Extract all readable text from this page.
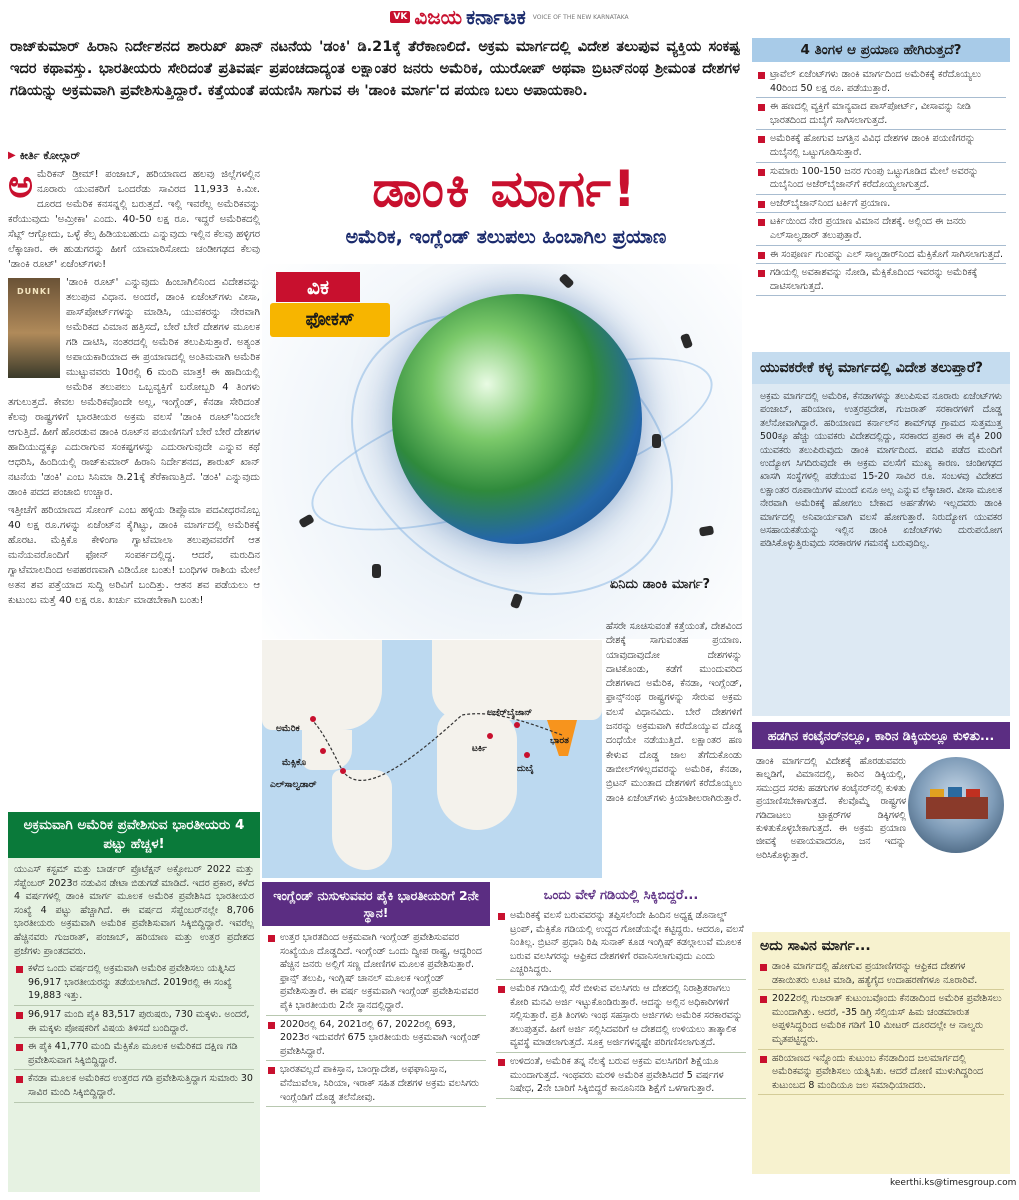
VK ವಿಜಯ ಕರ್ನಾಟಕ VOICE OF THE NEW KARNATAKA
ರಾಜ್‌ಕುಮಾರ್ ಹಿರಾನಿ ನಿರ್ದೇಶನದ ಶಾರುಖ್ ಖಾನ್ ನಟನೆಯ 'ಡಂಕಿ' ಡಿ.21ಕ್ಕೆ ತೆರೆಕಾಣಲಿದೆ. ಅಕ್ರಮ ಮಾರ್ಗದಲ್ಲಿ ವಿದೇಶ ತಲುಪುವ ವ್ಯಕ್ತಿಯ ಸಂಕಷ್ಟ ಇದರ ಕಥಾವಸ್ತು. ಭಾರತೀಯರು ಸೇರಿದಂತೆ ಪ್ರತಿವರ್ಷ ಪ್ರಪಂಚದಾದ್ಯಂತ ಲಕ್ಷಾಂತರ ಜನರು ಅಮೆರಿಕ, ಯುರೋಪ್ ಅಥವಾ ಬ್ರಿಟನ್‌ನಂಥ ಶ್ರೀಮಂತ ದೇಶಗಳ ಗಡಿಯನ್ನು ಅಕ್ರಮವಾಗಿ ಪ್ರವೇಶಿಸುತ್ತಿದ್ದಾರೆ. ಕತ್ತೆಯಂತೆ ಪಯಣಿಸಿ ಸಾಗುವ ಈ 'ಡಾಂಕಿ ಮಾರ್ಗ'ದ ಪಯಣ ಬಲು ಅಪಾಯಕಾರಿ.
▶ ಕೀರ್ತಿ ಕೋಲ್ಗಾರ್

ಅ ಮೆರಿಕನ್ ಡ್ರೀಮ್! ಪಂಜಾಬ್, ಹರಿಯಾಣದ ಹಲವು ಜಿಲ್ಲೆಗಳಲ್ಲಿನ ನೂರಾರು ಯುವಕರಿಗೆ ಒಂದರೆಡು ಸಾವಿರದ 11,933 ಕಿ.ಮೀ. ದೂರದ ಅಮೆರಿಕ ಕನಸನ್ನಲ್ಲಿ ಬರುತ್ತದೆ. ಇಲ್ಲಿ ಇವರೆಲ್ಲ ಅಮೆರಿಕವನ್ನು ಕರೆಯುವುದು 'ಅಮ್ರೀಕಾ' ಎಂದು. 40-50 ಲಕ್ಷ ರೂ. ಇದ್ದರೆ ಅಮೆರಿಕದಲ್ಲಿ ಸೆಟ್ಲ್ ಆಗ್ಬೋದು, ಒಳ್ಳೆ ಕೆಲ್ಸ ಹಿಡಿಯಬಹುದು ಎನ್ನುವುದು ಇಲ್ಲಿನ ಕೆಲವು ಹಳ್ಳಿಗರ ಲೆಕ್ಕಾಚಾರ. ಈ ಹುಡುಗರನ್ನು ಹೀಗೆ ಯಾಮಾರಿಸೋದು ಚಂಡೀಗಢದ ಕೆಲವು 'ಡಾಂಕಿ ರೂಟ್' ಏಜೆಂಟ್‌ಗಳು!

DUNKI
'ಡಾಂಕಿ ರೂಟ್' ಎನ್ನುವುದು ಹಿಂಬಾಗಿಲಿನಿಂದ ವಿದೇಶವನ್ನು ತಲುಪುವ ವಿಧಾನ. ಅಂದರೆ, ಡಾಂಕಿ ಏಜೆಂಟ್‌ಗಳು ವೀಸಾ, ಪಾಸ್‌ಪೋರ್ಟ್‌ಗಳನ್ನು ಮಾಡಿಸಿ, ಯುವಕರನ್ನು ನೇರವಾಗಿ ಅಮೆರಿಕದ ವಿಮಾನ ಹತ್ತಿಸದೆ, ಬೇರೆ ಬೇರೆ ದೇಶಗಳ ಮೂಲಕ ಗಡಿ ದಾಟಿಸಿ, ನಂತರದಲ್ಲಿ ಅಮೆರಿಕ ತಲುಪಿಸುತ್ತಾರೆ. ಅತ್ಯಂತ ಅಪಾಯಕಾರಿಯಾದ ಈ ಪ್ರಯಾಣದಲ್ಲಿ ಅಂತಿಮವಾಗಿ ಅಮೆರಿಕ ಮುಟ್ಟುವವರು 10ರಲ್ಲಿ 6 ಮಂದಿ ಮಾತ್ರ! ಈ ಹಾದಿಯಲ್ಲಿ ಅಮೆರಿಕ ತಲುಪಲು ಒಬ್ಬವ್ಯಕ್ತಿಗೆ ಬರೋಬ್ಬರಿ 4 ತಿಂಗಳು ತಗುಲುತ್ತದೆ. ಕೇವಲ ಅಮೆರಿಕವೊಂದೇ ಅಲ್ಲ, ಇಂಗ್ಲೆಂಡ್, ಕೆನಡಾ ಸೇರಿದಂತೆ ಕೆಲವು ರಾಷ್ಟ್ರಗಳಿಗೆ ಭಾರತೀಯರ ಅಕ್ರಮ ವಲಸೆ 'ಡಾಂಕಿ ರೂಟ್'ನಿಂದಲೇ ಆಗುತ್ತಿದೆ. ಹೀಗೆ ಹೊರಡುವ ಡಾಂಕಿ ರೂಟ್‌ನ ಪಯಣಿಗನಿಗೆ ಬೇರೆ ಬೇರೆ ದೇಶಗಳ ಹಾದಿಯುದ್ದಕ್ಕೂ ಎದುರಾಗುವ ಸಂಕಷ್ಟಗಳನ್ನು ಎದುರಾಗುವುದೇ ಎನ್ನುವ ಕಥೆ ಆಧರಿಸಿ, ಹಿಂದಿಯಲ್ಲಿ ರಾಜ್‌ಕುಮಾರ್ ಹಿರಾನಿ ನಿರ್ದೇಶನದ, ಶಾರುಖ್ ಖಾನ್ ನಟನೆಯ 'ಡಂಕಿ' ಎಂಬ ಸಿನಿಮಾ ಡಿ.21ಕ್ಕೆ ತೆರೆಕಾಣುತ್ತಿದೆ. 'ಡಂಕಿ' ಎನ್ನುವುದು ಡಾಂಕಿ ಪದದ ಪಂಜಾಬಿ ಉಚ್ಚಾರ.

ಇತ್ತೀಚೆಗೆ ಹರಿಯಾಣದ ಸೋಂಗ್ ಎಂಬ ಹಳ್ಳಿಯ ಡಿಪ್ಲೊಮಾ ಪದವೀಧರನೊಬ್ಬ 40 ಲಕ್ಷ ರೂ.ಗಳನ್ನು ಏಜೆಂಟ್‌ನ ಕೈಗಿಟ್ಟು, ಡಾಂಕಿ ಮಾರ್ಗದಲ್ಲಿ ಅಮೆರಿಕಕ್ಕೆ ಹೊರಟ. ಮೆಕ್ಸಿಕೊ ಕೇಳಿಂಗಾ ಗ್ವಾಟೆಮಾಲಾ ತಲುಪುವವರೆಗೆ ಆತ ಮನೆಯವರೊಂದಿಗೆ ಫೋನ್ ಸಂಪರ್ಕದಲ್ಲಿದ್ದ. ಆದರೆ, ಮರುದಿನ ಗ್ವಾಟೆಮಾಲದಿಂದ ಅಪಹರಣವಾಗಿ ವಿಡಿಯೋ ಬಂತು! ಬಂಧಿಗಳ ರಾಶಿಯ ಮೇಲೆ ಅತನ ಶವ ಪತ್ತೆಯಾದ ಸುದ್ದಿ ಅರಿವಿಗೆ ಬಂದಿತ್ತು. ಆತನ ಶವ ಪಡೆಯಲು ಆ ಕುಟುಂಬ ಮತ್ತೆ 40 ಲಕ್ಷ ರೂ. ಖರ್ಚು ಮಾಡಬೇಕಾಗಿ ಬಂತು!

ಅಕ್ರಮವಾಗಿ ಅಮೆರಿಕ ಪ್ರವೇಶಿಸುವ ಭಾರತೀಯರು 4 ಪಟ್ಟು ಹೆಚ್ಚಳ!

ಯುಎಸ್ ಕಸ್ಟಮ್ ಮತ್ತು ಬಾರ್ಡರ್ ಪ್ರೊಟೆಕ್ಷನ್ ಅಕ್ಟೋಬರ್ 2022 ಮತ್ತು ಸೆಪ್ಟೆಂಬರ್ 2023ರ ನಡುವಿನ ಡೇಟಾ ಬಿಡುಗಡೆ ಮಾಡಿದೆ. ಇದರ ಪ್ರಕಾರ, ಕಳೆದ 4 ವರ್ಷಗಳಲ್ಲಿ ಡಾಂಕಿ ಮಾರ್ಗ ಮೂಲಕ ಅಮೆರಿಕ ಪ್ರವೇಶಿಸಿದ ಭಾರತೀಯರ ಸಂಖ್ಯೆ 4 ಪಟ್ಟು ಹೆಚ್ಚಾಗಿದೆ. ಈ ವರ್ಷದ ಸೆಪ್ಟೆಂಬರ್‌ನಲ್ಲೇ 8,706 ಭಾರತೀಯರು ಅಕ್ರಮವಾಗಿ ಅಮೆರಿಕ ಪ್ರವೇಶಿಸುವಾಗ ಸಿಕ್ಕಿಬಿದ್ದಿದ್ದಾರೆ. ಇವರೆಲ್ಲ ಹೆಚ್ಚಿನವರು ಗುಜರಾತ್, ಪಂಜಾಬ್, ಹರಿಯಾಣ ಮತ್ತು ಉತ್ತರ ಪ್ರದೇಶದ ಪ್ರಜೆಗಳು ಪ್ರಾಂತದವರು.

ಕಳೆದ ಒಂದು ವರ್ಷದಲ್ಲಿ ಅಕ್ರಮವಾಗಿ ಅಮೆರಿಕ ಪ್ರವೇಶಿಸಲು ಯತ್ನಿಸಿದ 96,917 ಭಾರತೀಯರನ್ನು ತಡೆಯಲಾಗಿದೆ. 2019ರಲ್ಲಿ ಈ ಸಂಖ್ಯೆ 19,883 ಇತ್ತು.
96,917 ಮಂದಿ ಪೈಕಿ 83,517 ಪುರುಷರು, 730 ಮಕ್ಕಳು. ಅಂದರೆ, ಈ ಮಕ್ಕಳು ಪೋಷಕರಿಗೆ ವಿಷಯ ತಿಳಿಸದೆ ಬಂದಿದ್ದಾರೆ.
ಈ ಪೈಕಿ 41,770 ಮಂದಿ ಮೆಕ್ಸಿಕೊ ಮೂಲಕ ಅಮೆರಿಕದ ದಕ್ಷಿಣ ಗಡಿ ಪ್ರವೇಶಿಸುವಾಗ ಸಿಕ್ಕಿಬಿದ್ದಿದ್ದಾರೆ.
ಕೆನಡಾ ಮೂಲಕ ಅಮೆರಿಕದ ಉತ್ತರದ ಗಡಿ ಪ್ರವೇಶಿಸುತ್ತಿದ್ದಾಗ ಸುಮಾರು 30 ಸಾವಿರ ಮಂದಿ ಸಿಕ್ಕಿಬಿದ್ದಿದ್ದಾರೆ.
ಡಾಂಕಿ ಮಾರ್ಗ!
ಅಮೆರಿಕ, ಇಂಗ್ಲೆಂಡ್ ತಲುಪಲು ಹಿಂಬಾಗಿಲ ಪ್ರಯಾಣ
ವಿಕ
ಫೋಕಸ್
ಏನಿದು ಡಾಂಕಿ ಮಾರ್ಗ?
ಅಮೆರಿಕ
ಮೆಕ್ಸಿಕೊ
ಎಲ್‌ಸಾಲ್ವಡಾರ್
ಅಜೆರ್‌ಬೈಜಾನ್
ಟರ್ಕಿ
ದುಬೈ
ಭಾರತ
ಹೆಸರೇ ಸೂಚಿಸುವಂತೆ ಕತ್ತೆಯಂತೆ, ದೇಶವಿಂದ ದೇಶಕ್ಕೆ ಸಾಗುವಂತಹ ಪ್ರಯಾಣ. ಯಾವುದಾವುದೋ ದೇಶಗಳನ್ನು ದಾಟಿಕೊಂಡು, ಕಡೆಗೆ ಮುಂದುವರಿದ ದೇಶಗಳಾದ ಅಮೆರಿಕ, ಕೆನಡಾ, ಇಂಗ್ಲೆಂಡ್, ಫ್ರಾನ್ಸ್‌ನಂಥ ರಾಷ್ಟ್ರಗಳನ್ನು ಸೇರುವ ಅಕ್ರಮ ವಲಸೆ ವಿಧಾನವಿದು. ಬೇರೆ ದೇಶಗಳಿಗೆ ಜನರನ್ನು ಅಕ್ರಮವಾಗಿ ಕರೆದೊಯ್ಯುವ ದೊಡ್ಡ ದಂಧೆಯೇ ನಡೆಯುತ್ತಿದೆ. ಲಕ್ಷಾಂತರ ಹಣ ಕೇಳುವ ದೊಡ್ಡ ಜಾಲ ತೆಗೆದುಕೊಂಡು ಡಾಬೀಲ್‌ಗಳಿಲ್ಲದವರನ್ನು ಅಮೆರಿಕ, ಕೆನಡಾ, ಬ್ರಿಟನ್ ಮುಂತಾದ ದೇಶಗಳಿಗೆ ಕರೆದೊಯ್ಯಲು ಡಾಂಕಿ ಏಜೆಂಟ್‌ಗಳು ಕ್ರಿಯಾಶೀಲರಾಗಿರುತ್ತಾರೆ.
ಇಂಗ್ಲೆಂಡ್ ನುಸುಳುವವರ ಪೈಕಿ ಭಾರತೀಯರಿಗೆ 2ನೇ ಸ್ಥಾನ!
ಉತ್ತರ ಭಾರತದಿಂದ ಅಕ್ರಮವಾಗಿ ಇಂಗ್ಲೆಂಡ್ ಪ್ರವೇಶಿಸುವವರ ಸಂಖ್ಯೆಯೂ ದೊಡ್ಡದಿದೆ. ಇಂಗ್ಲೆಂಡ್ ಒಂದು ದ್ವೀಪ ರಾಷ್ಟ್ರ, ಆದ್ದರಿಂದ ಹೆಚ್ಚಿನ ಜನರು ಅಲ್ಲಿಗೆ ಸಣ್ಣ ದೋಣಿಗಳ ಮೂಲಕ ಪ್ರವೇಶಿಸುತ್ತಾರೆ. ಫ್ರಾನ್ಸ್ ತಲುಪಿ, ಇಂಗ್ಲಿಷ್ ಚಾನಲ್ ಮೂಲಕ ಇಂಗ್ಲೆಂಡ್ ಪ್ರವೇಶಿಸುತ್ತಾರೆ. ಈ ವರ್ಷ ಅಕ್ರಮವಾಗಿ ಇಂಗ್ಲೆಂಡ್ ಪ್ರವೇಶಿಸುವವರ ಪೈಕಿ ಭಾರತೀಯರು 2ನೇ ಸ್ಥಾನದಲ್ಲಿದ್ದಾರೆ.
2020ರಲ್ಲಿ 64, 2021ರಲ್ಲಿ 67, 2022ರಲ್ಲಿ 693, 2023ರ ಇದುವರೆಗೆ 675 ಭಾರತೀಯರು ಅಕ್ರಮವಾಗಿ ಇಂಗ್ಲೆಂಡ್ ಪ್ರವೇಶಿಸಿದ್ದಾರೆ.
ಭಾರತವಲ್ಲದೆ ಪಾಕಿಸ್ತಾನ, ಬಾಂಗ್ಲಾದೇಶ, ಅಫಘಾನಿಸ್ತಾನ, ವೆನೆಜುವೆಲಾ, ಸಿರಿಯಾ, ಇರಾಕ್ ಸಹಿತ ದೇಶಗಳ ಅಕ್ರಮ ವಲಸಿಗರು ಇಂಗ್ಲೆಂಡಿಗೆ ದೊಡ್ಡ ತಲೆನೋವು.
ಒಂದು ವೇಳೆ ಗಡಿಯಲ್ಲಿ ಸಿಕ್ಕಿಬಿದ್ದರೆ...
ಅಮೆರಿಕಕ್ಕೆ ವಲಸೆ ಬರುವವರನ್ನು ತಪ್ಪಿಸಲೆಂದೇ ಹಿಂದಿನ ಅಧ್ಯಕ್ಷ ಡೊನಾಲ್ಡ್ ಟ್ರಂಪ್, ಮೆಕ್ಸಿಕೊ ಗಡಿಯಲ್ಲಿ ಉದ್ದದ ಗೋಡೆಯನ್ನೇ ಕಟ್ಟಿದ್ದರು. ಆದರೂ, ವಲಸೆ ನಿಂತಿಲ್ಲ. ಬ್ರಿಟನ್ ಪ್ರಧಾನಿ ರಿಷಿ ಸುನಾಕ್ ಕೂಡ ಇಂಗ್ಲಿಷ್ ಕಡಲ್ಗಾಲುವೆ ಮೂಲಕ ಬರುವ ವಲಸಿಗರನ್ನು ಆಫ್ರಿಕದ ದೇಶಗಳಿಗೆ ರವಾನಿಸಲಾಗುವುದು ಎಂದು ಎಚ್ಚರಿಸಿದ್ದರು.
ಅಮೆರಿಕ ಗಡಿಯಲ್ಲಿ ಸೆರೆ ಬೀಳುವ ವಲಸಿಗರು ಆ ದೇಶದಲ್ಲಿ ನಿರಾಶ್ರಿತರಾಗಲು ಕೋರಿ ಮನವಿ ಅರ್ಜಿ ಇಟ್ಟುಕೊಂಡಿರುತ್ತಾರೆ. ಆದನ್ನು ಅಲ್ಲಿನ ಅಧಿಕಾರಿಗಳಿಗೆ ಸಲ್ಲಿಸುತ್ತಾರೆ. ಪ್ರತಿ ತಿಂಗಳು ಇಂಥ ಸಹಸ್ರಾರು ಅರ್ಜಿಗಳು ಅಮೆರಿಕ ಸರಕಾರವನ್ನು ತಲುಪುತ್ತವೆ. ಹೀಗೆ ಅರ್ಜಿ ಸಲ್ಲಿಸಿದವರಿಗೆ ಆ ದೇಶದಲ್ಲಿ ಉಳಿಯಲು ತಾತ್ಕಾಲಿಕ ವ್ಯವಸ್ಥೆ ಮಾಡಲಾಗುತ್ತದೆ. ಸೂಕ್ತ ಅರ್ಜಿಗಳನ್ನಷ್ಟೇ ಪರಿಗಣಿಸಲಾಗುತ್ತದೆ.
ಉಳಿದಂತೆ, ಅಮೆರಿಕ ತನ್ನ ನೆಲಕ್ಕೆ ಬರುವ ಅಕ್ರಮ ವಲಸಿಗರಿಗೆ ಶಿಕ್ಷೆಯೂ ಮುಂದಾಗುತ್ತದೆ. ಇಂಥವರು ಮರಳಿ ಅಮೆರಿಕ ಪ್ರವೇಶಿಸಿದರೆ 5 ವರ್ಷಗಳ ನಿಷೇಧ, 2ನೇ ಬಾರಿಗೆ ಸಿಕ್ಕಿಬಿದ್ದರೆ ಕಾನೂನಿನಡಿ ಶಿಕ್ಷೆಗೆ ಒಳಗಾಗುತ್ತಾರೆ.
4 ತಿಂಗಳ ಆ ಪ್ರಯಾಣ ಹೇಗಿರುತ್ತದೆ?
ಟ್ರಾವೆಲ್ ಏಜೆಂಟ್‌ಗಳು ಡಾಂಕಿ ಮಾರ್ಗದಿಂದ ಅಮೆರಿಕಕ್ಕೆ ಕರೆದೊಯ್ಯಲು 40ರಿಂದ 50 ಲಕ್ಷ ರೂ. ಪಡೆಯುತ್ತಾರೆ.
ಈ ಹಣದಲ್ಲಿ ವ್ಯಕ್ತಿಗೆ ಮಾನ್ಯವಾದ ಪಾಸ್‌ಪೋರ್ಟ್, ವೀಸಾವನ್ನು ನೀಡಿ ಭಾರತದಿಂದ ದುಬೈಗೆ ಸಾಗಿಸಲಾಗುತ್ತದೆ.
ಅಮೆರಿಕಕ್ಕೆ ಹೋಗುವ ಜಗತ್ತಿನ ವಿವಿಧ ದೇಶಗಳ ಡಾಂಕಿ ಪಯಣಿಗರನ್ನು ದುಬೈನಲ್ಲಿ ಒಟ್ಟುಗೂಡಿಸುತ್ತಾರೆ.
ಸುಮಾರು 100-150 ಜನರ ಗುಂಪು ಒಟ್ಟುಗೂಡಿದ ಮೇಲೆ ಅವರನ್ನು ದುಬೈನಿಂದ ಅಜೆರ್‌ಬೈಜಾನ್‌ಗೆ ಕರೆದೊಯ್ಯಲಾಗುತ್ತದೆ.
ಅಜೆರ್‌ಬೈಜಾನ್‌ನಿಂದ ಟರ್ಕಿಗೆ ಪ್ರಯಾಣ.
ಟರ್ಕಿಯಿಂದ ನೇರ ಪ್ರಯಾಣ ವಿಮಾನ ದೇಶಕ್ಕೆ. ಅಲ್ಲಿಂದ ಈ ಜನರು ಎಲ್‌ಸಾಲ್ವಡಾರ್ ತಲುಪುತ್ತಾರೆ.
ಈ ಸಂಪೂರ್ಣ ಗುಂಪನ್ನು ಎಲ್ ಸಾಲ್ವಡಾರ್‌ನಿಂದ ಮೆಕ್ಸಿಕೊಗೆ ಸಾಗಿಸಲಾಗುತ್ತದೆ.
ಗಡಿಯಲ್ಲಿ ಅವಕಾಶವನ್ನು ನೋಡಿ, ಮೆಕ್ಸಿಕೊದಿಂದ ಇವರನ್ನು ಅಮೆರಿಕಕ್ಕೆ ದಾಟಿಸಲಾಗುತ್ತದೆ.
ಯುವಕರೇಕೆ ಕಳ್ಳ ಮಾರ್ಗದಲ್ಲಿ ವಿದೇಶ ತಲುಪ್ತಾರೆ?

ಅಕ್ರಮ ಮಾರ್ಗದಲ್ಲಿ ಅಮೆರಿಕ, ಕೆನಡಾಗಳನ್ನು ತಲುಪಿಸುವ ನೂರಾರು ಏಜೆಂಟ್‌ಗಳು ಪಂಜಾಬ್, ಹರಿಯಾಣ, ಉತ್ತರಪ್ರದೇಶ, ಗುಜರಾತ್ ಸರಕಾರಗಳಿಗೆ ದೊಡ್ಡ ತಲೆನೋವಾಗಿದ್ದಾರೆ. ಹರಿಯಾಣದ ಕರ್ನಾಲ್‌ನ ಶಾಮ್‌ಗಢ ಗ್ರಾಮದ ಸುತ್ತಮುತ್ತ 500ಕ್ಕೂ ಹೆಚ್ಚು ಯುವಕರು ವಿದೇಶದಲ್ಲಿದ್ದು, ಸರಕಾರದ ಪ್ರಕಾರ ಈ ಪೈಕಿ 200 ಯುವಕರು ತಲುಪಿರುವುದು ಡಾಂಕಿ ಮಾರ್ಗದಿಂದ. ಪದವಿ ಪಡೆದ ಮಂದಿಗೆ ಉದ್ಯೋಗ ಸಿಗದಿರುವುದೇ ಈ ಅಕ್ರಮ ವಲಸೆಗೆ ಮುಖ್ಯ ಕಾರಣ. ಚಂಡೀಗಢದ ಖಾಸಗಿ ಸಂಸ್ಥೆಗಳಲ್ಲಿ ಪಡೆಯುವ 15-20 ಸಾವಿರ ರೂ. ಸಂಬಳವು ವಿದೇಶದ ಲಕ್ಷಾಂತರ ರೂಪಾಯಿಗಳ ಮುಂದೆ ಏನೂ ಅಲ್ಲ ಎನ್ನುವ ಲೆಕ್ಕಾಚಾರ. ವೀಸಾ ಮೂಲಕ ನೇರವಾಗಿ ಅಮೆರಿಕಕ್ಕೆ ಹೋಗಲು ಬೇಕಾದ ಅರ್ಹತೆಗಳು ಇಲ್ಲದವರು ಡಾಂಕಿ ಮಾರ್ಗದಲ್ಲಿ ಅನಿವಾರ್ಯವಾಗಿ ವಲಸೆ ಹೋಗುತ್ತಾರೆ. ನಿರುದ್ಯೋಗ ಯುವಕರ ಅಸಹಾಯಕತೆಯನ್ನು ಇಲ್ಲಿನ ಡಾಂಕಿ ಏಜೆಂಟ್‌ಗಳು ದುರುಪಯೋಗ ಪಡಿಸಿಕೊಳ್ಳುತ್ತಿರುವುದು ಸರಕಾರಗಳ ಗಮನಕ್ಕೆ ಬರುವುದಿಲ್ಲ.

ಹಡಗಿನ ಕಂಟೈನರ್‌ನಲ್ಲೂ, ಕಾರಿನ ಡಿಕ್ಕಿಯಲ್ಲೂ ಕುಳಿತು...

ಡಾಂಕಿ ಮಾರ್ಗದಲ್ಲಿ ವಿದೇಶಕ್ಕೆ ಹೊರಡುವವರು ಕಾಲ್ನಡಿಗೆ, ವಿಮಾನದಲ್ಲಿ, ಕಾರಿನ ಡಿಕ್ಕಿಯಲ್ಲಿ, ಸಮುದ್ರದ ಸರಕು ಹಡಗುಗಳ ಕಂಟೈನರ್‌ನಲ್ಲಿ ಕುಳಿತು ಪ್ರಯಾಣಿಸಬೇಕಾಗುತ್ತದೆ. ಕೆಲವೊಮ್ಮೆ ರಾಷ್ಟ್ರಗಳ ಗಡಿದಾಟಲು ಟ್ರಾಕ್ಟರ್‌ಗಳ ಡಿಕ್ಕಿಗಳಲ್ಲಿ ಕುಳಿತುಕೊಳ್ಳಬೇಕಾಗುತ್ತದೆ. ಈ ಅಕ್ರಮ ಪ್ರಯಾಣ ಜೀವಕ್ಕೆ ಅಪಾಯವಾದರೂ, ಜನ ಇದನ್ನು ಅರಿಸಿಕೊಳ್ಳುತ್ತಾರೆ.

ಅದು ಸಾವಿನ ಮಾರ್ಗ...
ಡಾಂಕಿ ಮಾರ್ಗದಲ್ಲಿ ಹೋಗುವ ಪ್ರಯಾಣಿಗರನ್ನು ಆಫ್ರಿಕದ ದೇಶಗಳ ಡಕಾಯಿತರು ಲೂಟಿ ಮಾಡಿ, ಹತ್ಯೆಗೈದ ಉದಾಹರಣೆಗಳೂ ನೂರಾರಿವೆ.
2022ರಲ್ಲಿ ಗುಜರಾತ್ ಕುಟುಂಬವೊಂದು ಕೆನಡಾದಿಂದ ಅಮೆರಿಕ ಪ್ರವೇಶಿಸಲು ಮುಂದಾಗಿತ್ತು. ಆದರೆ, -35 ಡಿಗ್ರಿ ಸೆಲ್ಸಿಯಸ್ ಹಿಮ ಚಂಡಮಾರುತ ಅಪ್ಪಳಿಸಿದ್ದರಿಂದ ಅಮೆರಿಕ ಗಡಿಗೆ 10 ಮೀಟರ್ ದೂರದಲ್ಲೇ ಆ ನಾಲ್ವರು ಮೃತಪಟ್ಟಿದ್ದರು.
ಹರಿಯಾಣದ ಇನ್ನೊಂದು ಕುಟುಂಬ ಕೆನಡಾದಿಂದ ಜಲಮಾರ್ಗದಲ್ಲಿ ಅಮೆರಿಕವನ್ನು ಪ್ರವೇಶಿಸಲು ಯತ್ನಿಸಿತು. ಆದರೆ ದೋಣಿ ಮುಳುಗಿದ್ದರಿಂದ ಕುಟುಂಬದ 8 ಮಂದಿಯೂ ಜಲ ಸಮಾಧಿಯಾದರು.
keerthi.ks@timesgroup.com
